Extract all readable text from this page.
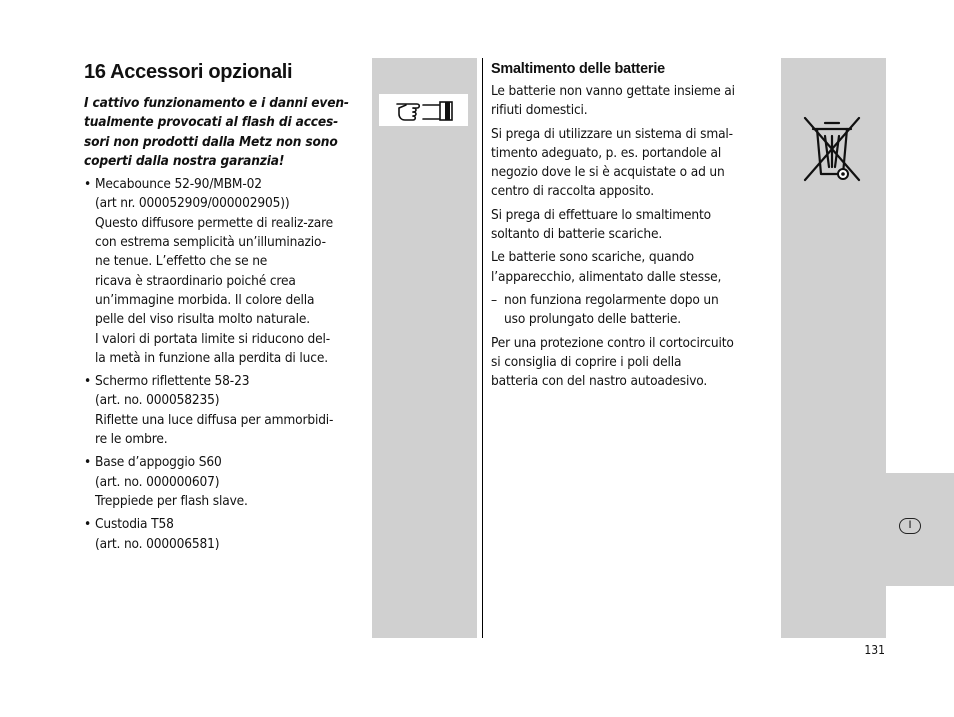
I
131
16 Accessori opzionali
I cattivo funzionamento e i danni even-
tualmente provocati al flash di acces-
sori non prodotti dalla Metz non sono
coperti dalla nostra garanzia!
• Mecabounce 52-90/MBM-02
(art nr. 000052909/000002905))
Questo diffusore permette di realiz-zare
con estrema semplicità un’illuminazio-
ne tenue. L’effetto che se ne
ricava è straordinario poiché crea
un’immagine morbida. Il colore della
pelle del viso risulta molto naturale.
I valori di portata limite si riducono del-
la metà in funzione alla perdita di luce.
• Schermo riflettente 58-23
(art. no. 000058235)
Riflette una luce diffusa per ammorbidi-
re le ombre.
• Base d’appoggio S60
(art. no. 000000607)
Treppiede per flash slave.
• Custodia T58
(art. no. 000006581)
Smaltimento delle batterie

Le batterie non vanno gettate insieme ai
rifiuti domestici.

Si prega di utilizzare un sistema di smal-
timento adeguato, p. es. portandole al
negozio dove le si è acquistate o ad un
centro di raccolta apposito.

Si prega di effettuare lo smaltimento
soltanto di batterie scariche.

Le batterie sono scariche, quando
l’apparecchio, alimentato dalle stesse,

– non funziona regolarmente dopo un
uso prolungato delle batterie.

Per una protezione contro il cortocircuito
si consiglia di coprire i poli della
batteria con del nastro autoadesivo.
